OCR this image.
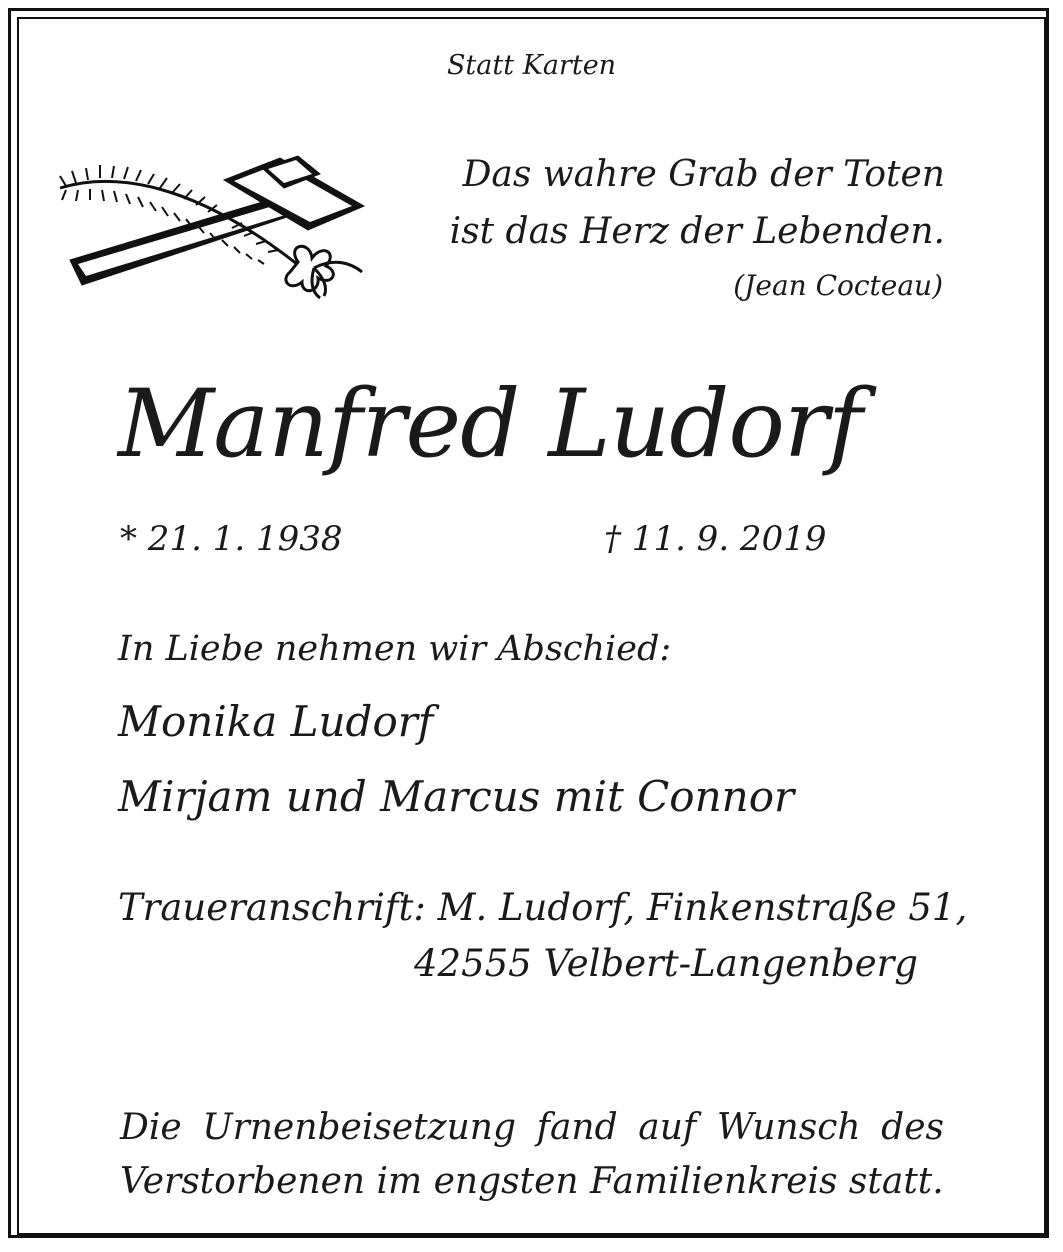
Statt Karten
Das wahre Grab der Toten
ist das Herz der Lebenden.
(Jean Cocteau)
Manfred Ludorf
* 21. 1. 1938	† 11. 9. 2019
In Liebe nehmen wir Abschied:
Monika Ludorf
Mirjam und Marcus mit Connor
Traueranschrift: M. Ludorf, Finkenstraße 51,
42555 Velbert-Langenberg
Die Urnenbeisetzung fand auf Wunsch des
Verstorbenen im engsten Familienkreis statt.
